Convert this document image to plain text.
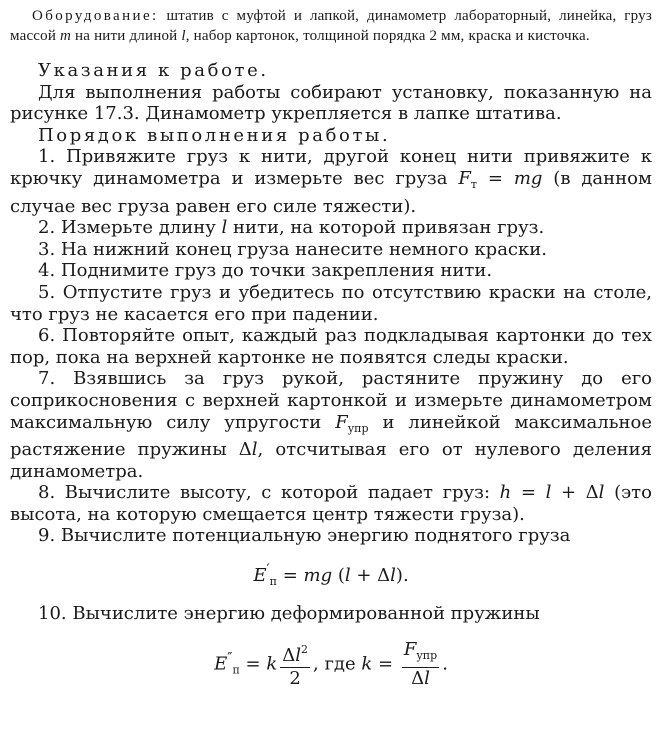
Оборудование: штатив с муфтой и лапкой, динамометр лабораторный, линейка, груз массой m на нити длиной l, набор картонок, толщиной порядка 2 мм, краска и кисточка.

Указания к работе.

Для выполнения работы собирают установку, показанную на рисунке 17.3. Динамометр укрепляется в лапке штатива.

Порядок выполнения работы.

1. Привяжите груз к нити, другой конец нити привяжите к крючку динамометра и измерьте вес груза $F_т$ = mg (в данном случае вес груза равен его силе тяжести).

2. Измерьте длину l нити, на которой привязан груз.

3. На нижний конец груза нанесите немного краски.

4. Поднимите груз до точки закрепления нити.

5. Отпустите груз и убедитесь по отсутствию краски на столе, что груз не касается его при падении.

6. Повторяйте опыт, каждый раз подкладывая картонки до тех пор, пока на верхней картонке не появятся следы краски.

7. Взявшись за груз рукой, растяните пружину до его соприкосновения с верхней картонкой и измерьте динамометром максимальную силу упругости $F_{упр}$ и линейкой максимальное растяжение пружины Δl, отсчитывая его от нулевого деления динамометра.

8. Вычислите высоту, с которой падает груз: h = l + Δl (это высота, на которую смещается центр тяжести груза).

9. Вычислите потенциальную энергию поднятого груза

$E'_п$ = mg (l + Δl).

10. Вычислите энергию деформированной пружины

$E''_п = k \frac{\Delta l^2}{2}$ , где $k = \frac{F_{упр}}{\Delta l}$ .
